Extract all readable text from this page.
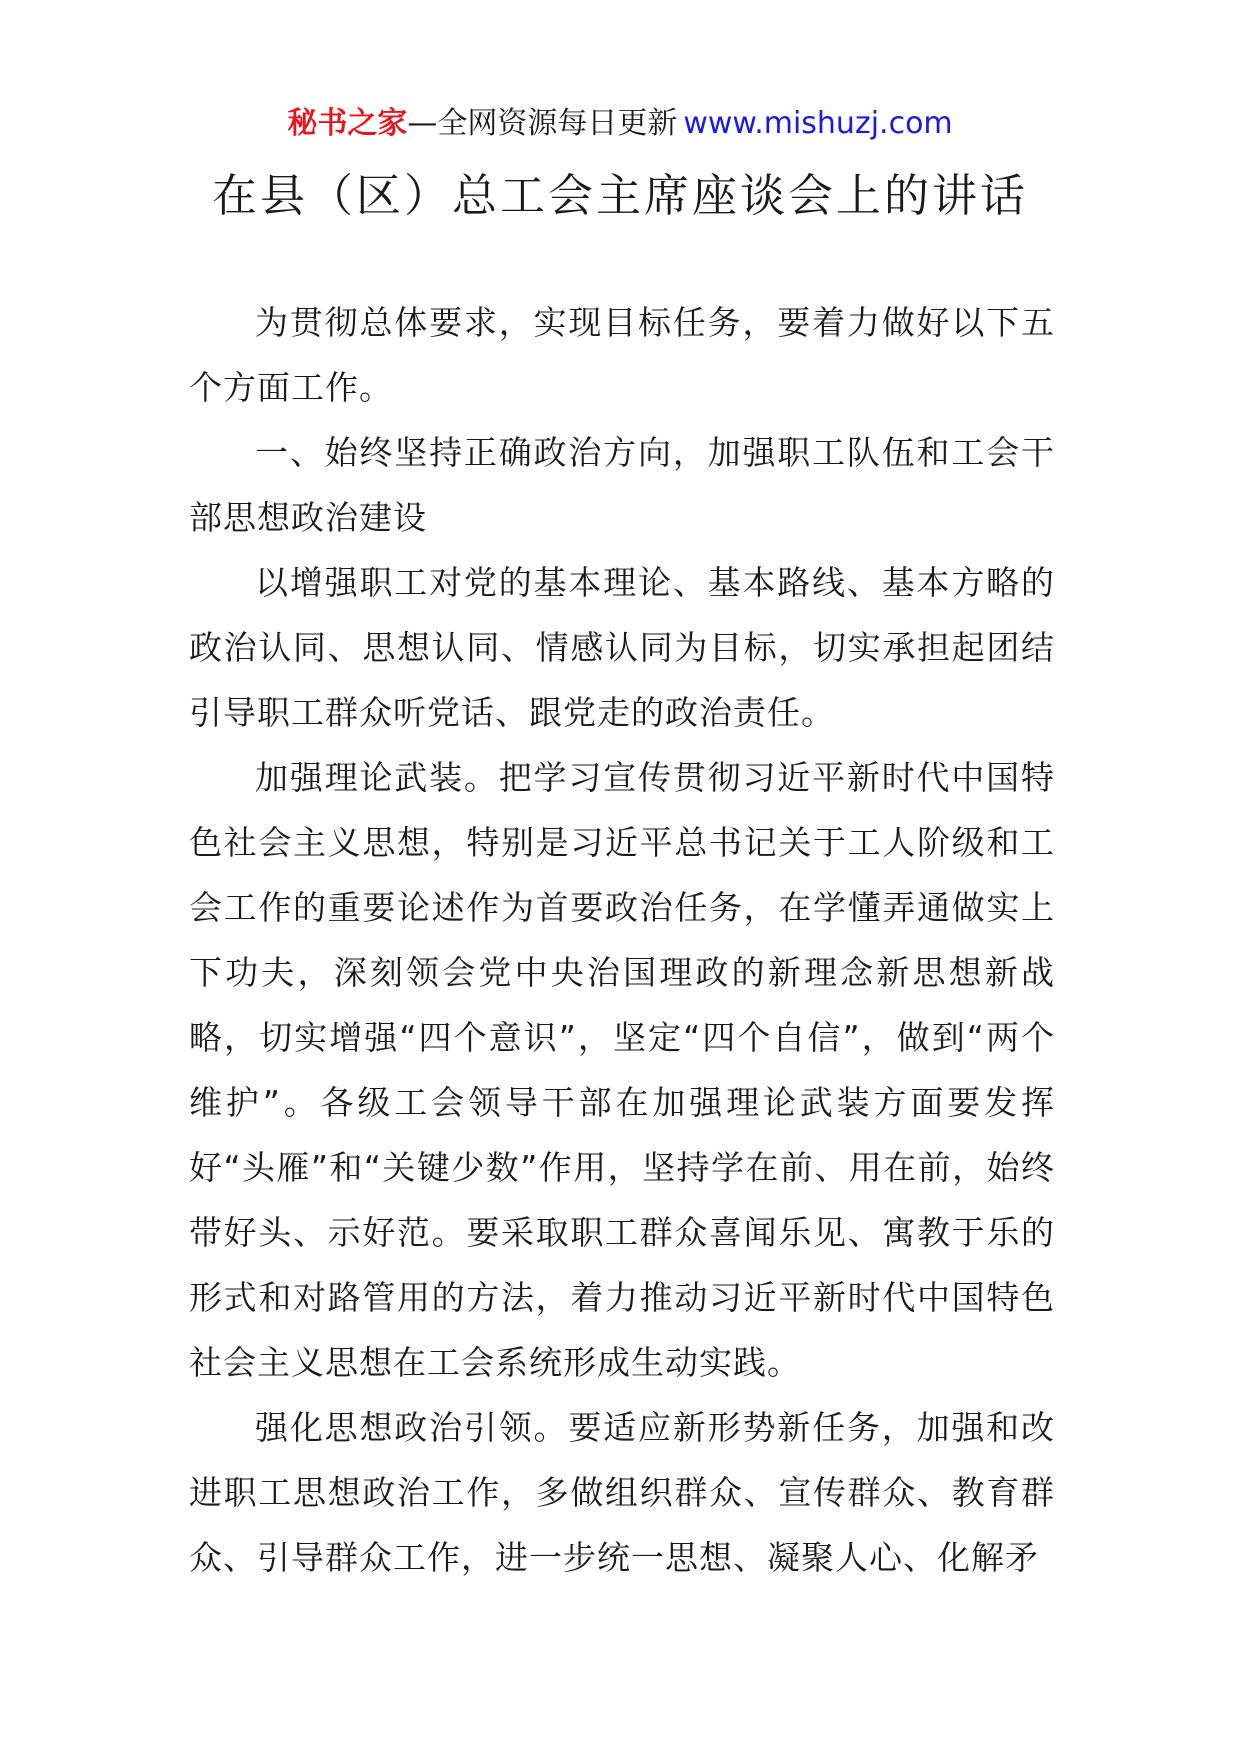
秘书之家—全网资源每日更新 www.mishuzj.com
在县（区）总工会主席座谈会上的讲话

为贯彻总体要求，实现目标任务，要着力做好以下五个方面工作。

一、始终坚持正确政治方向，加强职工队伍和工会干部思想政治建设

以增强职工对党的基本理论、基本路线、基本方略的政治认同、思想认同、情感认同为目标，切实承担起团结引导职工群众听党话、跟党走的政治责任。

加强理论武装。把学习宣传贯彻习近平新时代中国特色社会主义思想，特别是习近平总书记关于工人阶级和工会工作的重要论述作为首要政治任务，在学懂弄通做实上下功夫，深刻领会党中央治国理政的新理念新思想新战略，切实增强“四个意识”，坚定“四个自信”，做到“两个维护”。各级工会领导干部在加强理论武装方面要发挥好“头雁”和“关键少数”作用，坚持学在前、用在前，始终带好头、示好范。要采取职工群众喜闻乐见、寓教于乐的形式和对路管用的方法，着力推动习近平新时代中国特色社会主义思想在工会系统形成生动实践。

强化思想政治引领。要适应新形势新任务，加强和改进职工思想政治工作，多做组织群众、宣传群众、教育群众、引导群众工作，进一步统一思想、凝聚人心、化解矛
